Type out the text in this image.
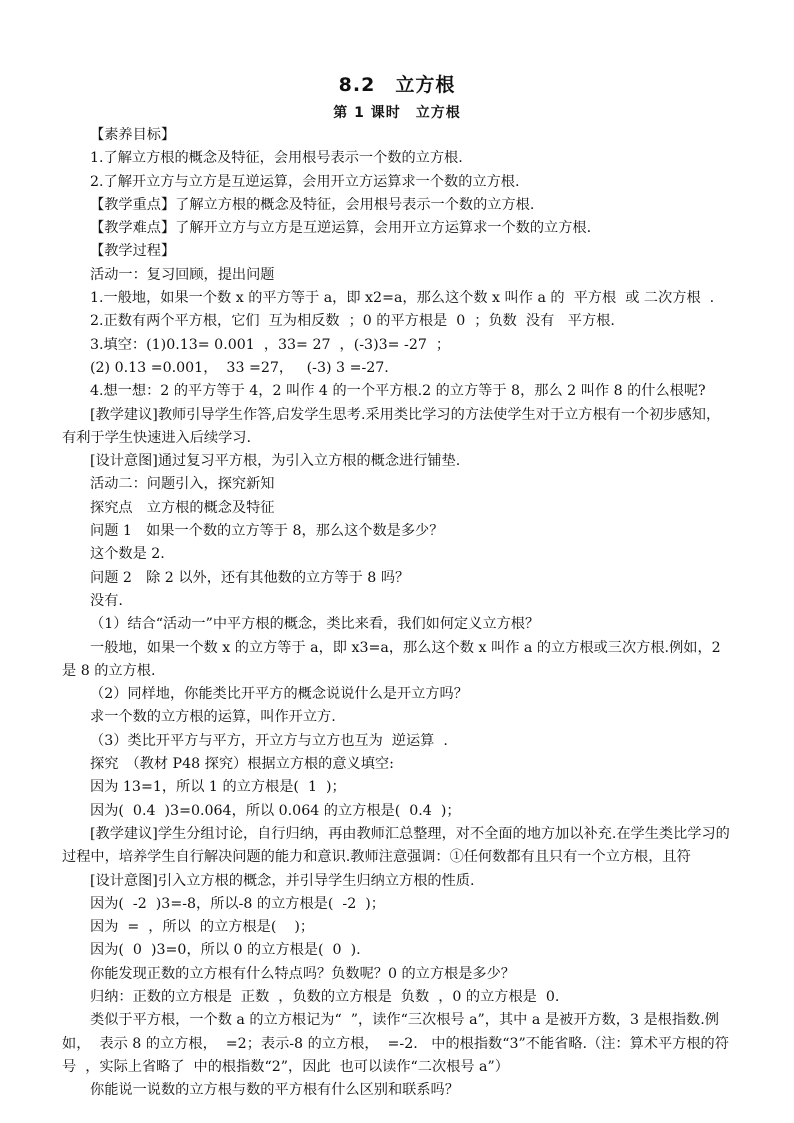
8.2　立方根
第 1 课时　立方根

【素养目标】

1.了解立方根的概念及特征，会用根号表示一个数的立方根.

2.了解开立方与立方是互逆运算，会用开立方运算求一个数的立方根.

【教学重点】了解立方根的概念及特征，会用根号表示一个数的立方根.

【教学难点】了解开立方与立方是互逆运算，会用开立方运算求一个数的立方根.

【教学过程】

活动一：复习回顾，提出问题

1.一般地，如果一个数 x 的平方等于 a，即 x2=a，那么这个数 x 叫作 a 的  平方根  或 二次方根  .

2.正数有两个平方根，它们  互为相反数  ；0 的平方根是  0  ；负数  没有   平方根.

3.填空：(1)0.13= 0.001  ，33= 27  ，(-3)3= -27  ；

(2) 0.13 =0.001，  33 =27，   (-3) 3 =-27.

4.想一想：2 的平方等于 4，2 叫作 4 的一个平方根.2 的立方等于 8，那么 2 叫作 8 的什么根呢?

[教学建议]教师引导学生作答,启发学生思考.采用类比学习的方法使学生对于立方根有一个初步感知，有利于学生快速进入后续学习.

[设计意图]通过复习平方根，为引入立方根的概念进行铺垫.

活动二：问题引入，探究新知

探究点　立方根的概念及特征

问题 1　如果一个数的立方等于 8，那么这个数是多少？

这个数是 2.

问题 2　除 2 以外，还有其他数的立方等于 8 吗？

没有.

（1）结合“活动一”中平方根的概念，类比来看，我们如何定义立方根？

一般地，如果一个数 x 的立方等于 a，即 x3=a，那么这个数 x 叫作 a 的立方根或三次方根.例如，2 是 8 的立方根.

（2）同样地，你能类比开平方的概念说说什么是开立方吗？

求一个数的立方根的运算，叫作开立方.

（3）类比开平方与平方，开立方与立方也互为  逆运算  .

探究　（教材 P48 探究）根据立方根的意义填空:

因为 13=1，所以 1 的立方根是(  1  )；

因为(  0.4  )3=0.064，所以 0.064 的立方根是(  0.4  )；

[教学建议]学生分组讨论，自行归纳，再由教师汇总整理，对不全面的地方加以补充.在学生类比学习的过程中，培养学生自行解决问题的能力和意识.教师注意强调：①任何数都有且只有一个立方根，且符

[设计意图]引入立方根的概念，并引导学生归纳立方根的性质.

因为(  -2  )3=-8，所以-8 的立方根是(  -2  )；

因为  =  ，所以  的立方根是(    )；

因为(  0  )3=0，所以 0 的立方根是(  0  ).

你能发现正数的立方根有什么特点吗？负数呢？0 的立方根是多少？

归纳：正数的立方根是  正数  ，负数的立方根是  负数  ，0 的立方根是  0.

类似于平方根，一个数 a 的立方根记为“  ”，读作“三次根号 a”，其中 a 是被开方数，3 是根指数.例如，  表示 8 的立方根，  =2；表示-8 的立方根，  =-2.   中的根指数“3”不能省略.（注：算术平方根的符号  ，实际上省略了  中的根指数“2”，因此  也可以读作“二次根号 a”）

你能说一说数的立方根与数的平方根有什么区别和联系吗？
